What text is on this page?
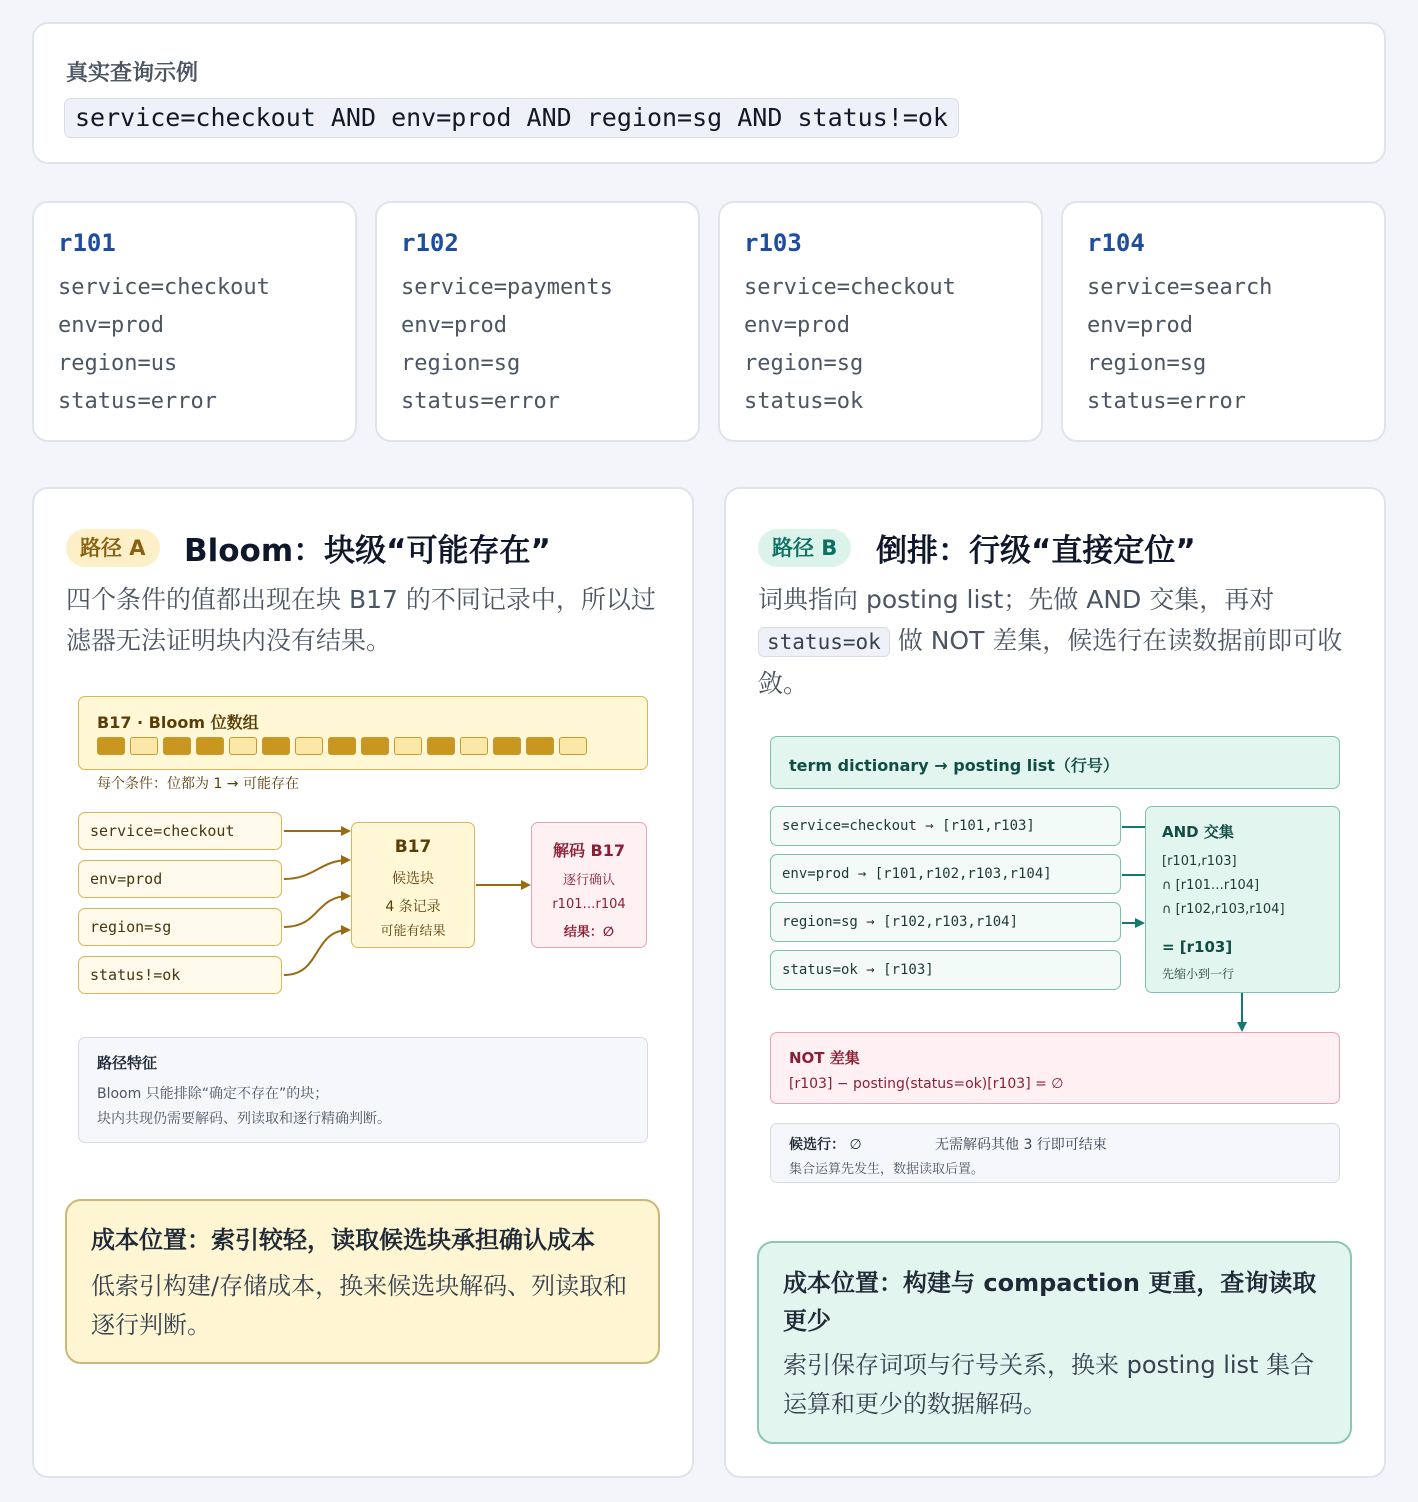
真实查询示例
service=checkout AND env=prod AND region=sg AND status!=ok
r101
service=checkout
env=prod
region=us
status=error
r102
service=payments
env=prod
region=sg
status=error
r103
service=checkout
env=prod
region=sg
status=ok
r104
service=search
env=prod
region=sg
status=error
路径 A	Bloom：块级“可能存在”
四个条件的值都出现在块 B17 的不同记录中，所以过滤器无法证明块内没有结果。
路径 B	倒排：行级“直接定位”
词典指向 posting list；先做 AND 交集，再对
status=ok 做 NOT 差集，候选行在读数据前即可收敛。
B17 · Bloom 位数组
每个条件：位都为 1 → 可能存在
service=checkout
env=prod
region=sg
status!=ok
B17
候选块
4 条记录
可能有结果
解码 B17
逐行确认
r101…r104
结果：∅
路径特征
Bloom 只能排除“确定不存在”的块；
块内共现仍需要解码、列读取和逐行精确判断。
成本位置：索引较轻，读取候选块承担确认成本
低索引构建/存储成本，换来候选块解码、列读取和逐行判断。
term dictionary → posting list（行号）
service=checkout → [r101,r103]
env=prod → [r101,r102,r103,r104]
region=sg → [r102,r103,r104]
status=ok → [r103]
AND 交集
[r101,r103]
∩ [r101…r104]
∩ [r102,r103,r104]
= [r103]
先缩小到一行
NOT 差集
[r103] − posting(status=ok)[r103] = ∅
候选行： ∅	无需解码其他 3 行即可结束
集合运算先发生，数据读取后置。
成本位置：构建与 compaction 更重，查询读取更少
索引保存词项与行号关系，换来 posting list 集合运算和更少的数据解码。
